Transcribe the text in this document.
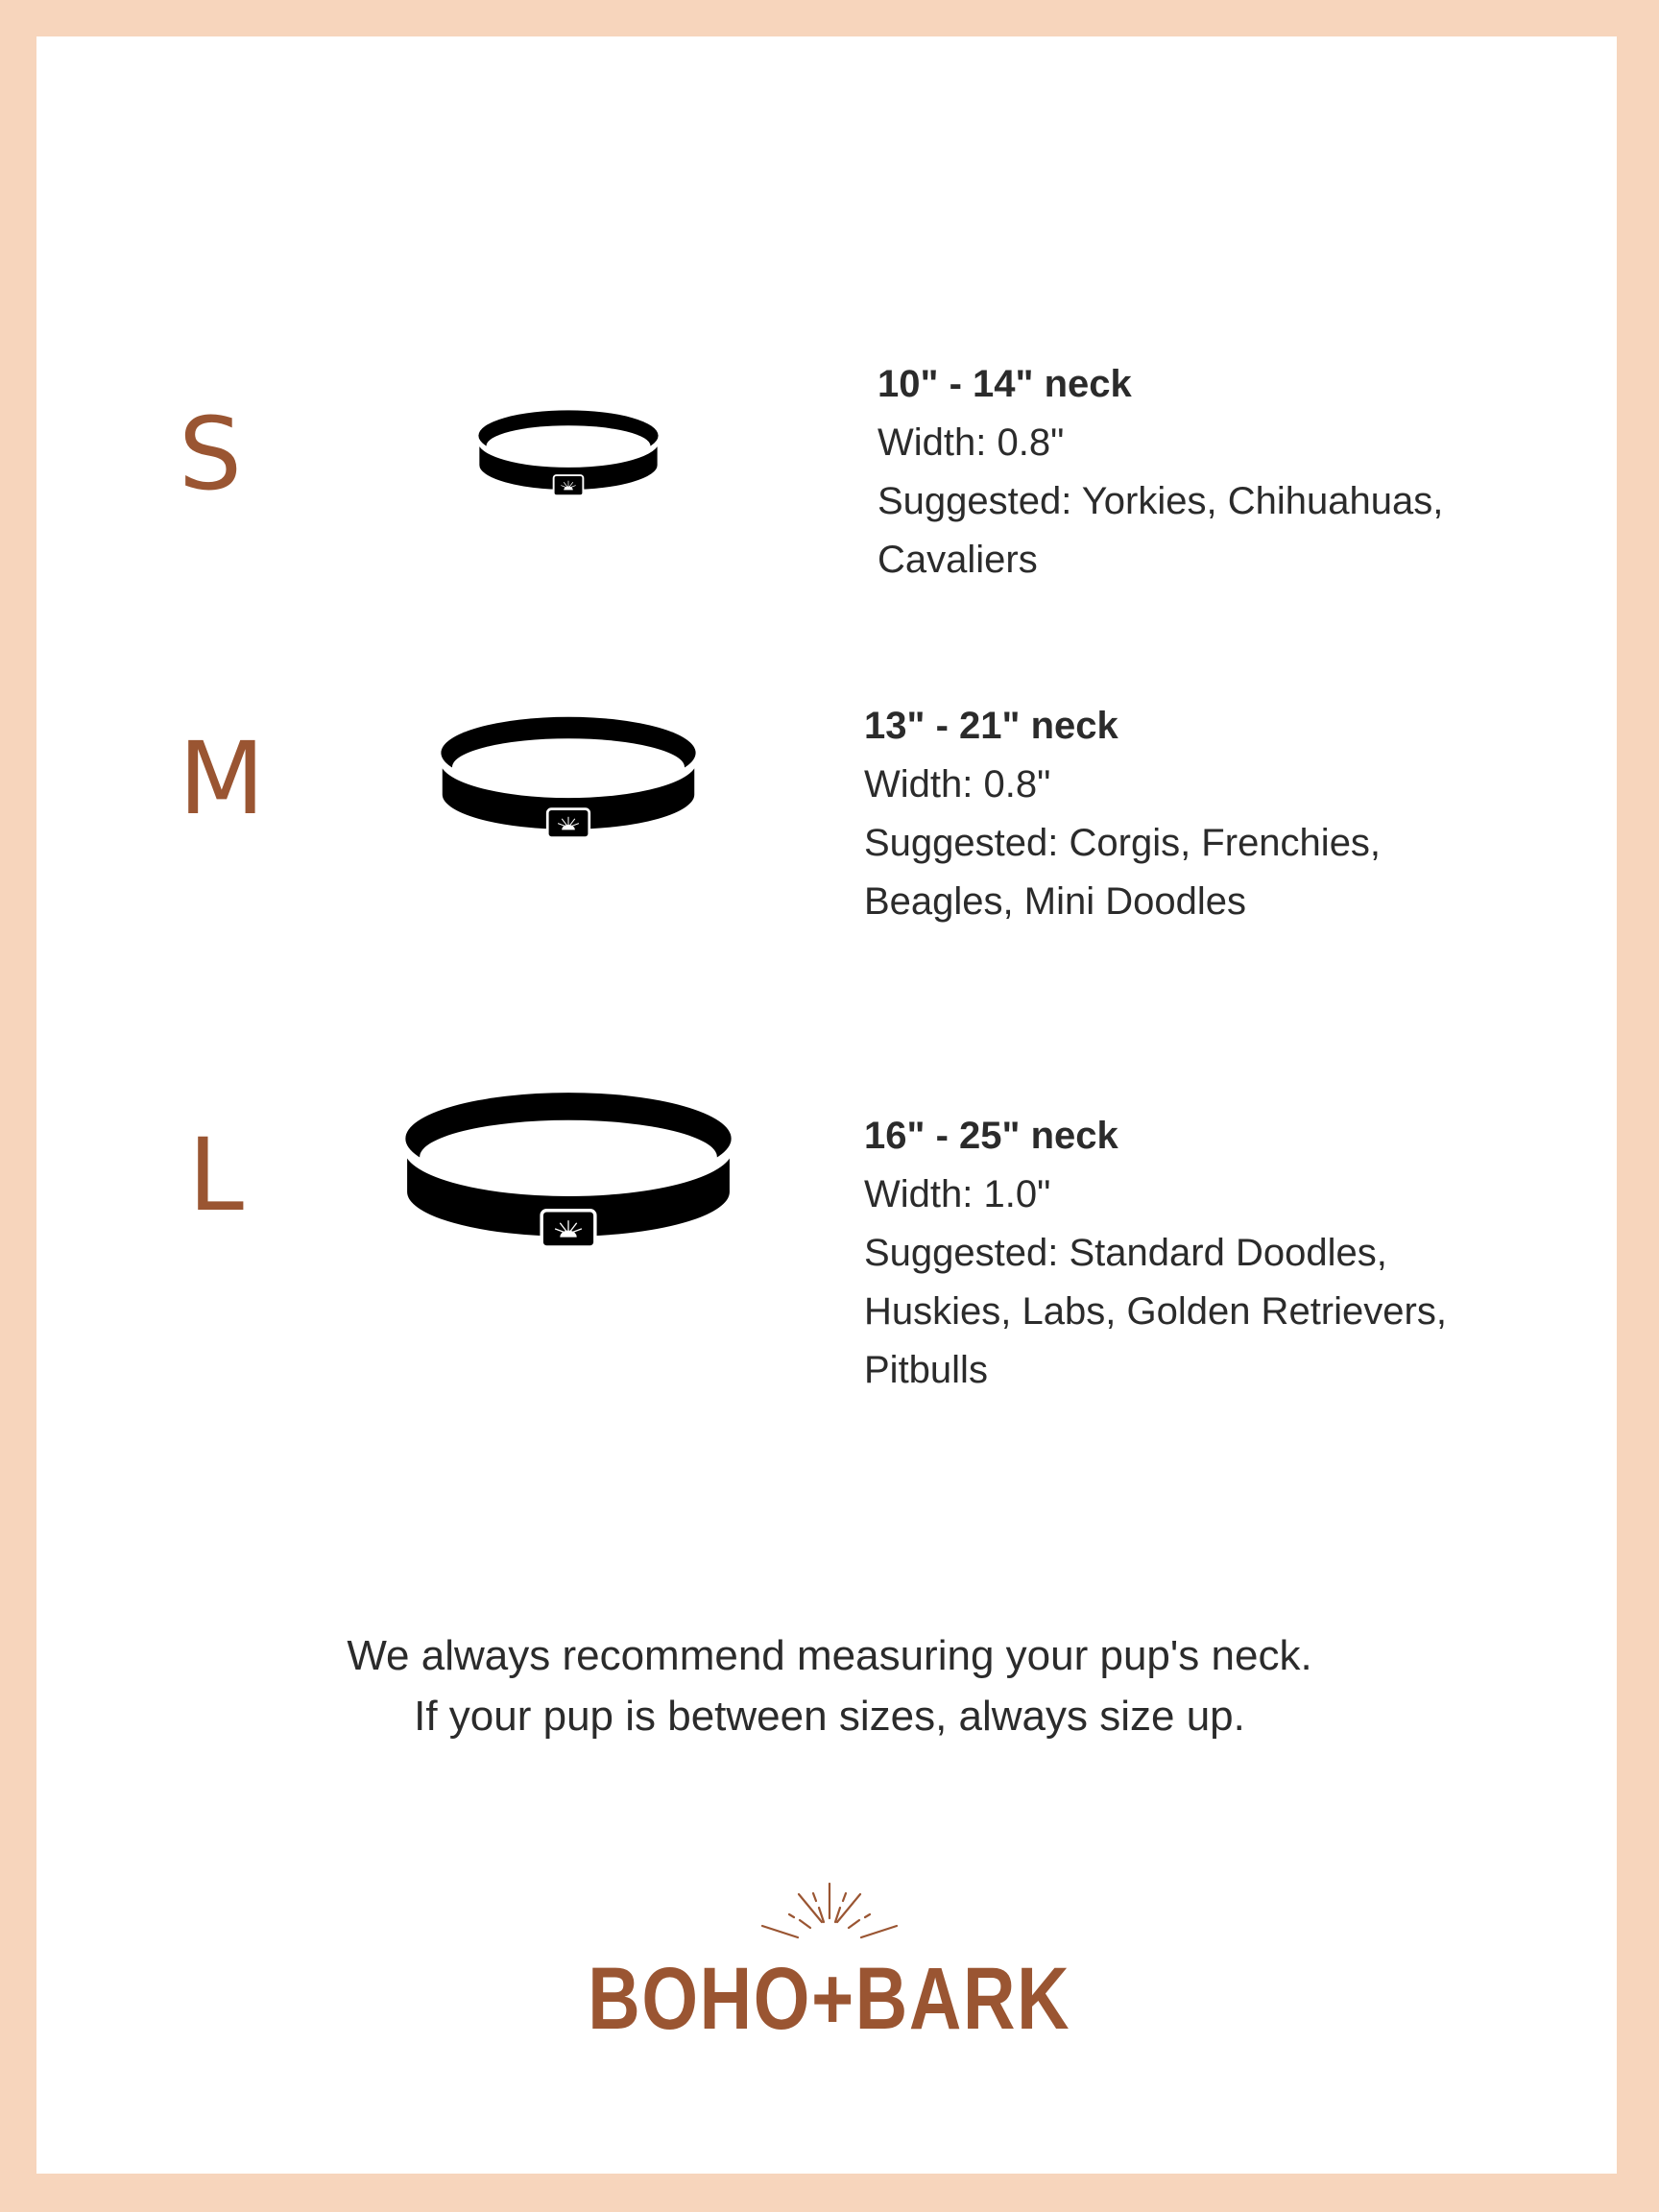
S
10" - 14" neck
Width: 0.8"
Suggested: Yorkies, Chihuahuas,
Cavaliers
M	13" - 21" neck
Width: 0.8"
Suggested: Corgis, Frenchies,
Beagles, Mini Doodles
L	16" - 25" neck
Width: 1.0"
Suggested: Standard Doodles,
Huskies, Labs, Golden Retrievers,
Pitbulls
We always recommend measuring your pup's neck.
If your pup is between sizes, always size up.
BOHO+BARK
